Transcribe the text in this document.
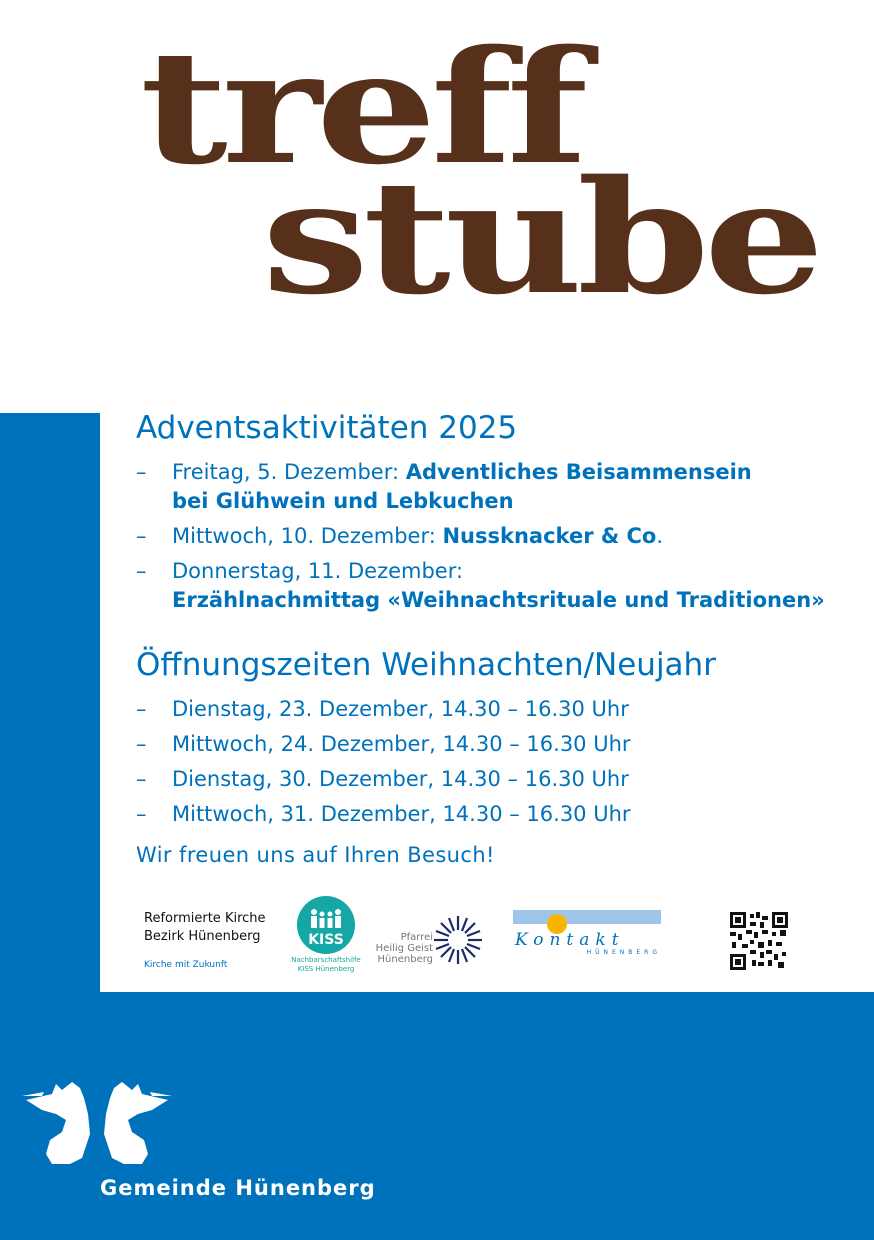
treff
stube
Adventsaktivitäten 2025
– Freitag, 5. Dezember: Adventliches Beisammensein
bei Glühwein und Lebkuchen
– Mittwoch, 10. Dezember: Nussknacker & Co.
– Donnerstag, 11. Dezember:
Erzählnachmittag «Weihnachtsrituale und Traditionen»
Öffnungszeiten Weihnachten/Neujahr
– Dienstag, 23. Dezember, 14.30 – 16.30 Uhr
– Mittwoch, 24. Dezember, 14.30 – 16.30 Uhr
– Dienstag, 30. Dezember, 14.30 – 16.30 Uhr
– Mittwoch, 31. Dezember, 14.30 – 16.30 Uhr
Wir freuen uns auf Ihren Besuch!
Reformierte Kirche
Bezirk Hünenberg
Kirche mit Zukunft
KISS
Nachbarschaftshilfe
KISS Hünenberg
Pfarrei
Heilig Geist
Hünenberg
Kontakt
HÜNENBERG
Gemeinde Hünenberg
